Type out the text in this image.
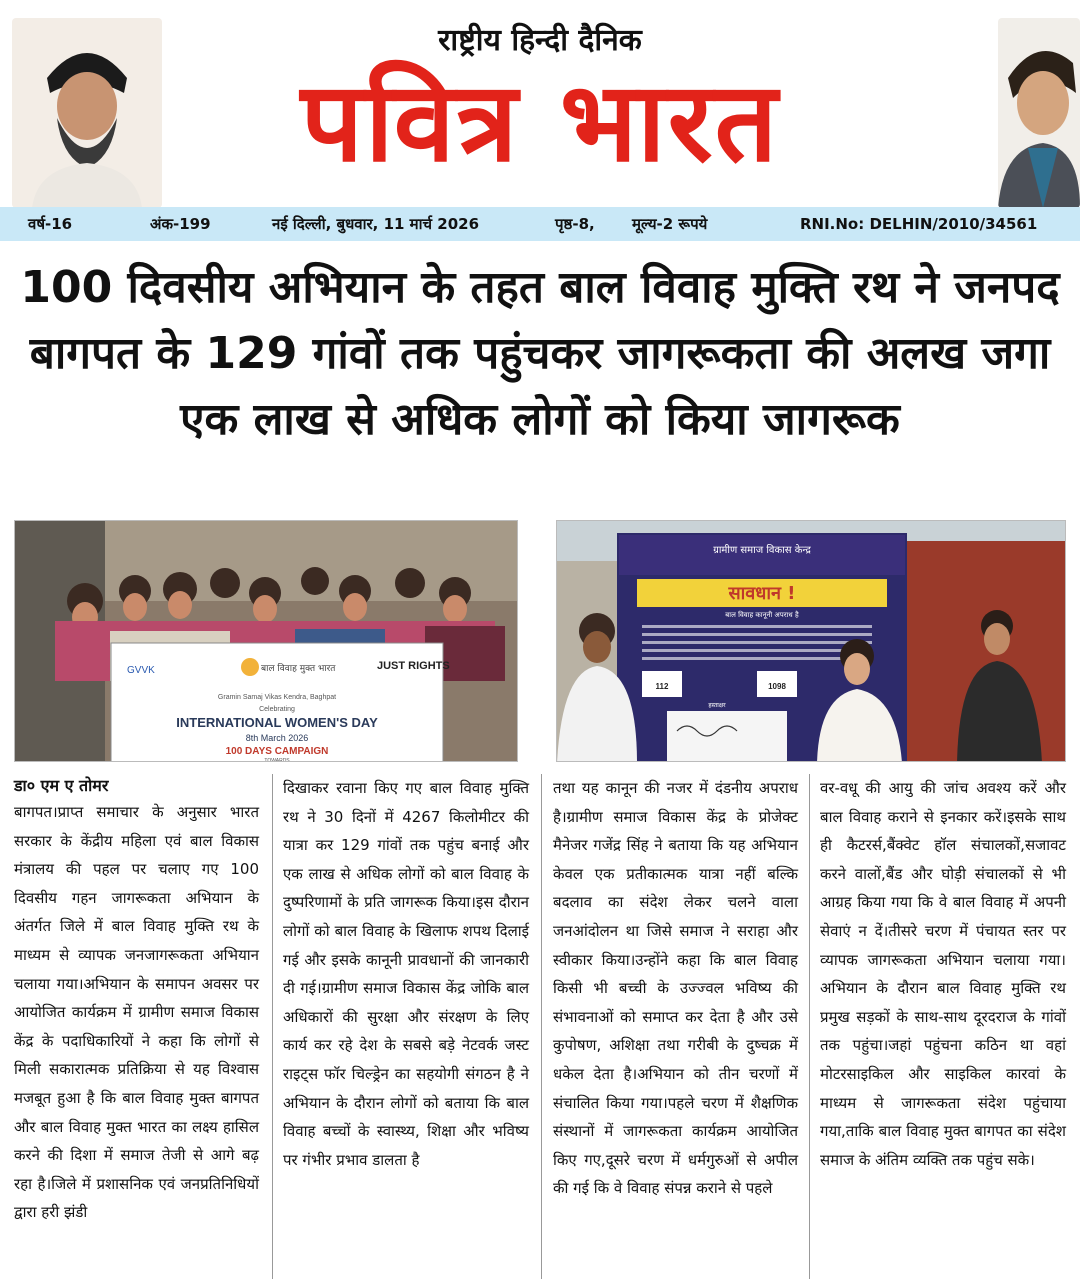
राष्ट्रीय हिन्दी दैनिक
पवित्र भारत
वर्ष-16	अंक-199	नई दिल्ली, बुधवार, 11 मार्च 2026	पृष्ठ-8, मूल्य-2 रूपये	RNI.No: DELHIN/2010/34561
100 दिवसीय अभियान के तहत बाल विवाह मुक्ति रथ ने जनपद बागपत के 129 गांवों तक पहुंचकर जागरूकता की अलख जगा एक लाख से अधिक लोगों को किया जागरूक
GVVK	बाल विवाह मुक्त भारत	JUST RIGHTS
Gramin Samaj Vikas Kendra, Baghpat
Celebrating
INTERNATIONAL WOMEN'S DAY
8th March 2026
100 DAYS CAMPAIGN
TOWARDS
ग्रामीण समाज विकास केन्द्र
सावधान !
बाल विवाह कानूनी अपराध है
112	1098
हस्ताक्षर
डा० एम ए तोमर
बागपत।प्राप्त समाचार के अनुसार भारत सरकार के केंद्रीय महिला एवं बाल विकास मंत्रालय की पहल पर चलाए गए 100 दिवसीय गहन जागरूकता अभियान के अंतर्गत जिले में बाल विवाह मुक्ति रथ के माध्यम से व्यापक जनजागरूकता अभियान चलाया गया।अभियान के समापन अवसर पर आयोजित कार्यक्रम में ग्रामीण समाज विकास केंद्र के पदाधिकारियों ने कहा कि लोगों से मिली सकारात्मक प्रतिक्रिया से यह विश्वास मजबूत हुआ है कि बाल विवाह मुक्त बागपत और बाल विवाह मुक्त भारत का लक्ष्य हासिल करने की दिशा में समाज तेजी से आगे बढ़ रहा है।जिले में प्रशासनिक एवं जनप्रतिनिधियों द्वारा हरी झंडी
दिखाकर रवाना किए गए बाल विवाह मुक्ति रथ ने 30 दिनों में 4267 किलोमीटर की यात्रा कर 129 गांवों तक पहुंच बनाई और एक लाख से अधिक लोगों को बाल विवाह के दुष्परिणामों के प्रति जागरूक किया।इस दौरान लोगों को बाल विवाह के खिलाफ शपथ दिलाई गई और इसके कानूनी प्रावधानों की जानकारी दी गई।ग्रामीण समाज विकास केंद्र जोकि बाल अधिकारों की सुरक्षा और संरक्षण के लिए कार्य कर रहे देश के सबसे बड़े नेटवर्क जस्ट राइट्स फॉर चिल्ड्रेन का सहयोगी संगठन है ने अभियान के दौरान लोगों को बताया कि बाल विवाह बच्चों के स्वास्थ्य, शिक्षा और भविष्य पर गंभीर प्रभाव डालता है
तथा यह कानून की नजर में दंडनीय अपराध है।ग्रामीण समाज विकास केंद्र के प्रोजेक्ट मैनेजर गजेंद्र सिंह ने बताया कि यह अभियान केवल एक प्रतीकात्मक यात्रा नहीं बल्कि बदलाव का संदेश लेकर चलने वाला जनआंदोलन था जिसे समाज ने सराहा और स्वीकार किया।उन्होंने कहा कि बाल विवाह किसी भी बच्ची के उज्ज्वल भविष्य की संभावनाओं को समाप्त कर देता है और उसे कुपोषण, अशिक्षा तथा गरीबी के दुष्चक्र में धकेल देता है।अभियान को तीन चरणों में संचालित किया गया।पहले चरण में शैक्षणिक संस्थानों में जागरूकता कार्यक्रम आयोजित किए गए,दूसरे चरण में धर्मगुरुओं से अपील की गई कि वे विवाह संपन्न कराने से पहले
वर-वधू की आयु की जांच अवश्य करें और बाल विवाह कराने से इनकार करें।इसके साथ ही कैटरर्स,बैंक्वेट हॉल संचालकों,सजावट करने वालों,बैंड और घोड़ी संचालकों से भी आग्रह किया गया कि वे बाल विवाह में अपनी सेवाएं न दें।तीसरे चरण में पंचायत स्तर पर व्यापक जागरूकता अभियान चलाया गया।अभियान के दौरान बाल विवाह मुक्ति रथ प्रमुख सड़कों के साथ-साथ दूरदराज के गांवों तक पहुंचा।जहां पहुंचना कठिन था वहां मोटरसाइकिल और साइकिल कारवां के माध्यम से जागरूकता संदेश पहुंचाया गया,ताकि बाल विवाह मुक्त बागपत का संदेश समाज के अंतिम व्यक्ति तक पहुंच सके।
